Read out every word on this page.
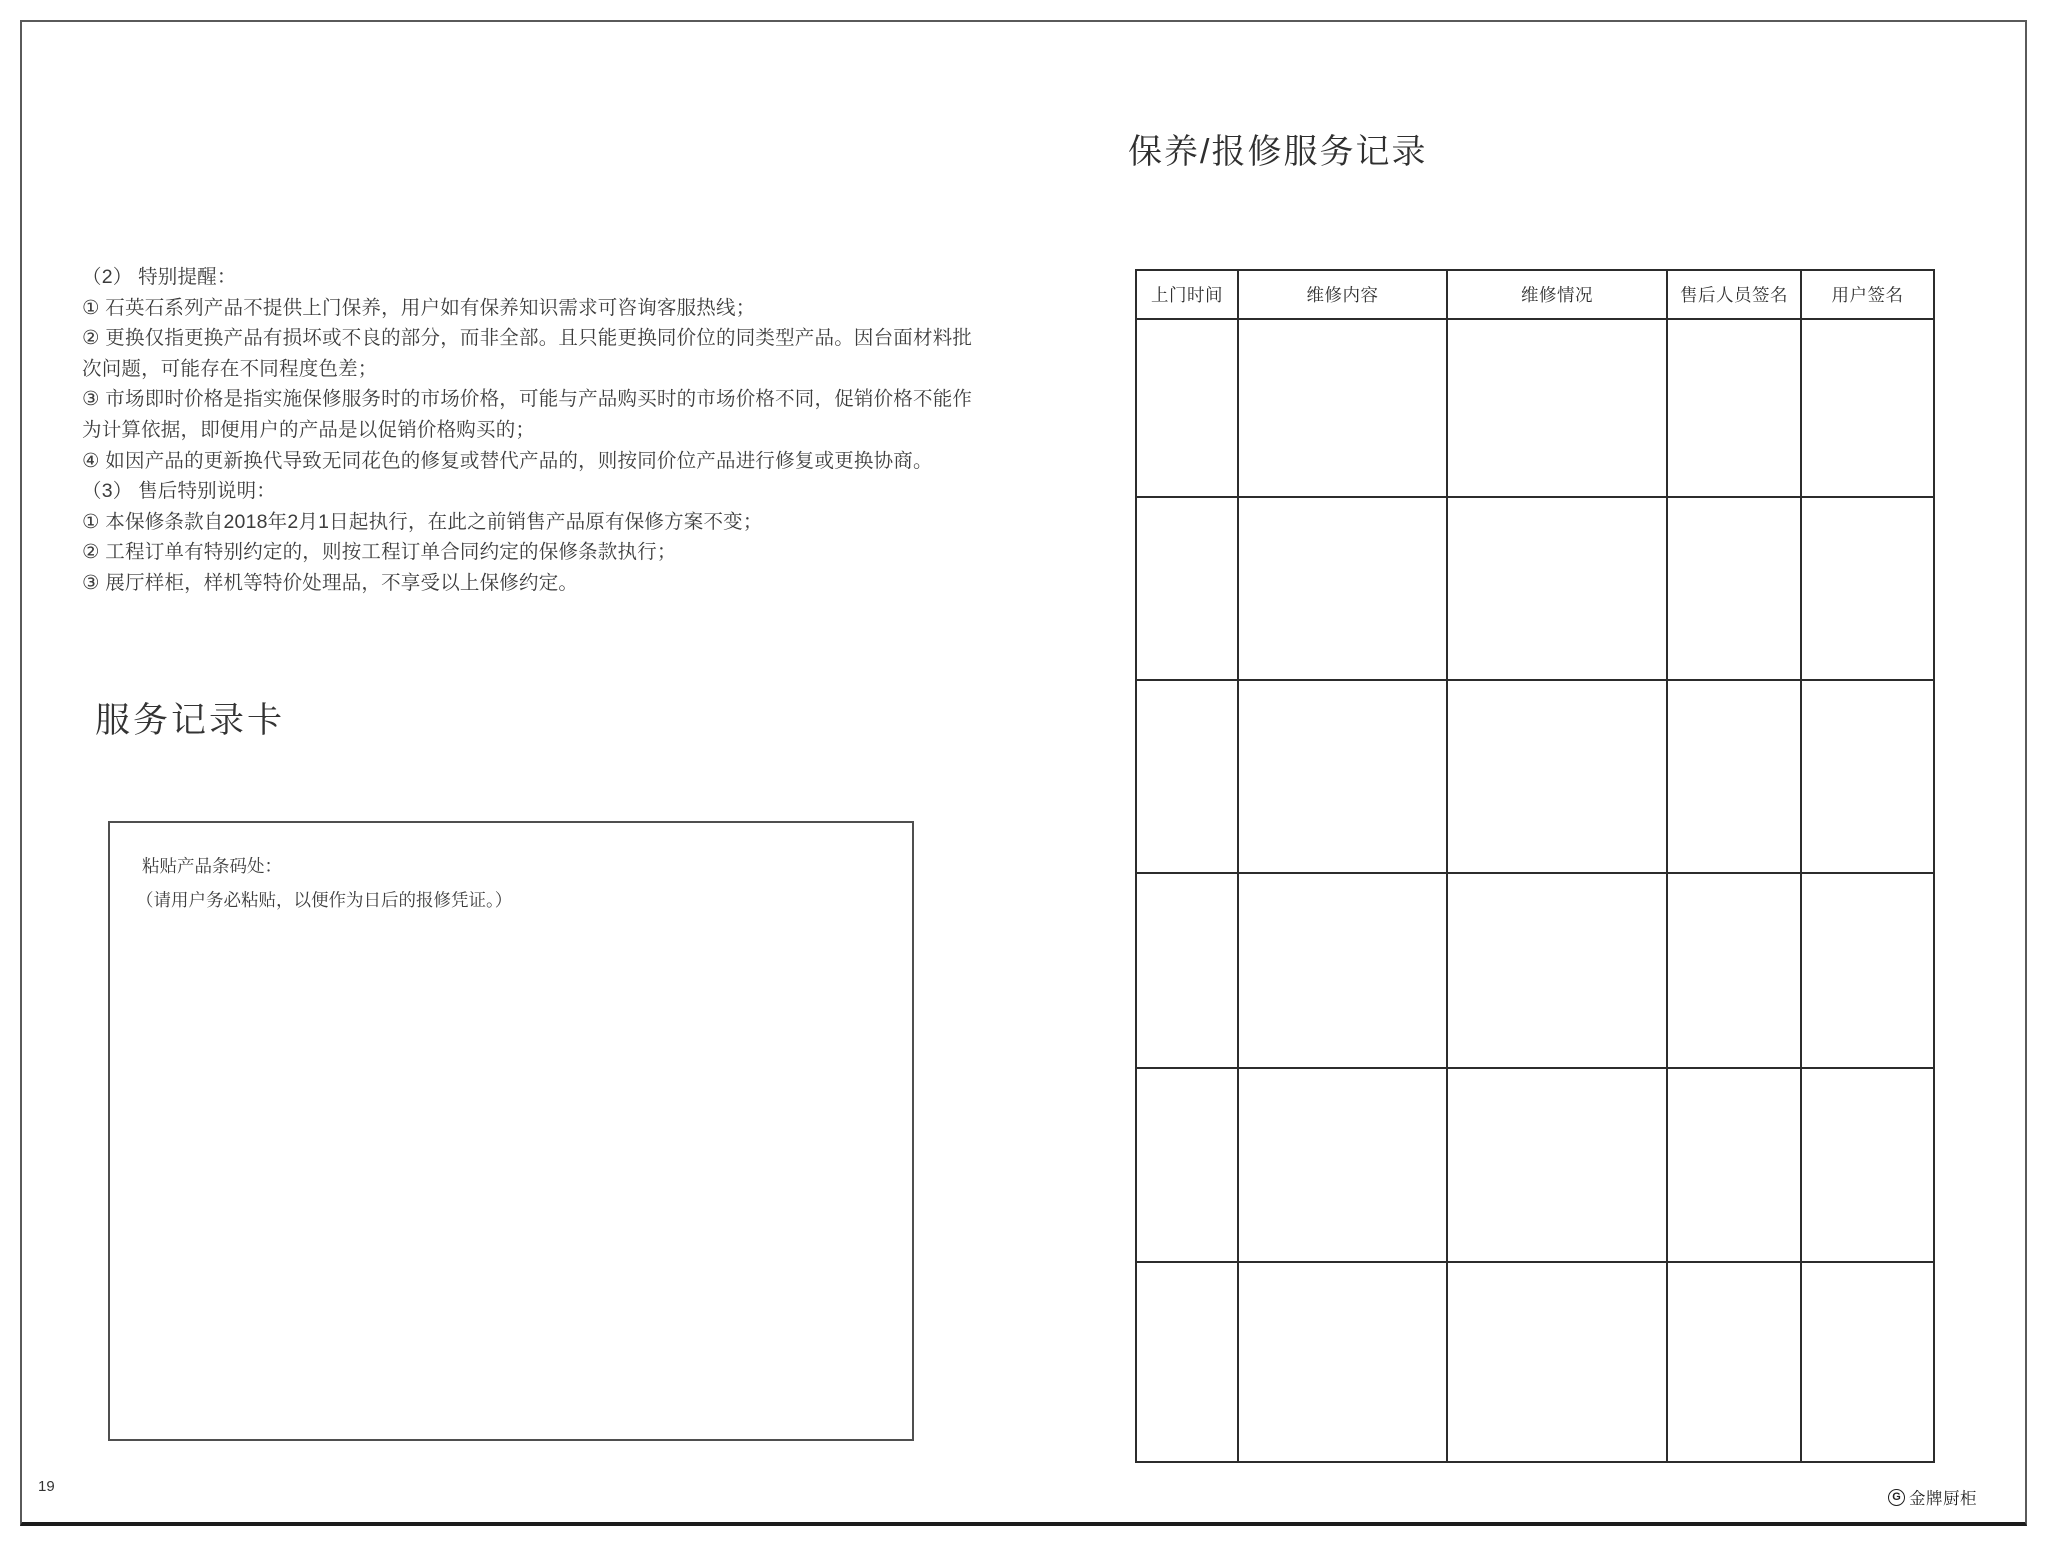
（2） 特别提醒：
① 石英石系列产品不提供上门保养，用户如有保养知识需求可咨询客服热线；
② 更换仅指更换产品有损坏或不良的部分，而非全部。且只能更换同价位的同类型产品。因台面材料批
次问题，可能存在不同程度色差；
③ 市场即时价格是指实施保修服务时的市场价格，可能与产品购买时的市场价格不同，促销价格不能作
为计算依据，即便用户的产品是以促销价格购买的；
④ 如因产品的更新换代导致无同花色的修复或替代产品的，则按同价位产品进行修复或更换协商。
（3） 售后特别说明：
① 本保修条款自2018年2月1日起执行，在此之前销售产品原有保修方案不变；
② 工程订单有特别约定的，则按工程订单合同约定的保修条款执行；
③ 展厅样柜，样机等特价处理品，不享受以上保修约定。
服务记录卡
粘贴产品条码处：
（请用户务必粘贴，以便作为日后的报修凭证。）
保养/报修服务记录
上门时间	维修内容	维修情况	售后人员签名	用户签名

19
G 金牌厨柜
